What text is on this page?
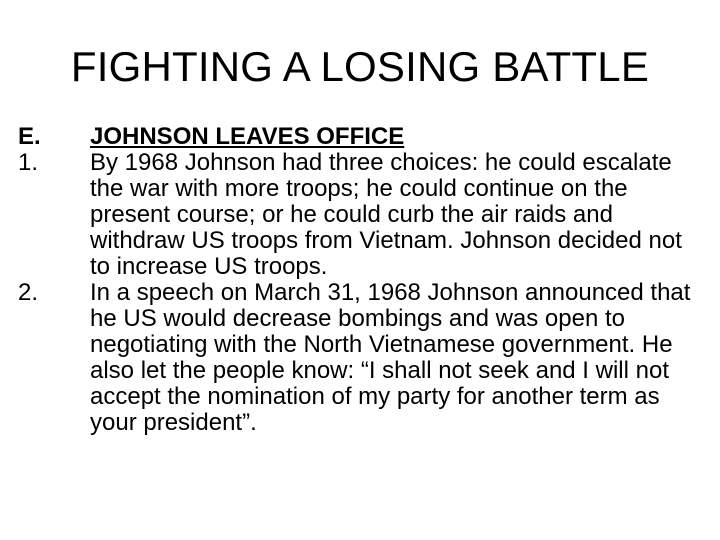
FIGHTING A LOSING BATTLE
E. JOHNSON LEAVES OFFICE
1. By 1968 Johnson had three choices: he could escalate the war with more troops; he could continue on the present course; or he could curb the air raids and withdraw US troops from Vietnam. Johnson decided not to increase US troops.
2. In a speech on March 31, 1968 Johnson announced that he US would decrease bombings and was open to negotiating with the North Vietnamese government. He also let the people know: “I shall not seek and I will not accept the nomination of my party for another term as your president”.
